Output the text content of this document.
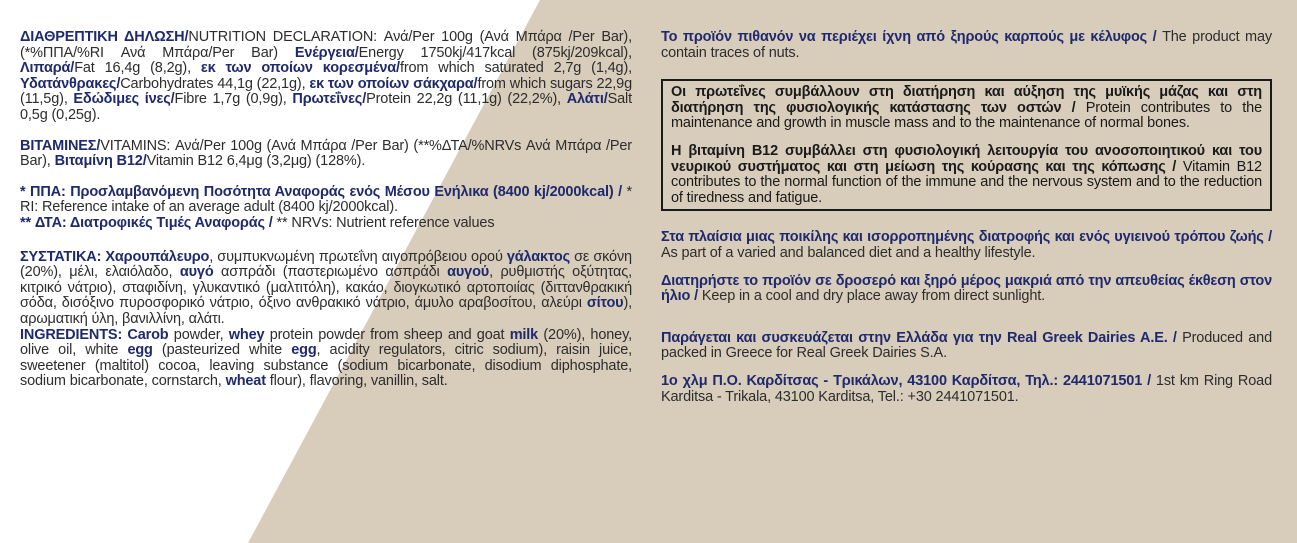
ΔΙΑΘΡΕΠΤΙΚΗ ΔΗΛΩΣΗ/NUTRITION DECLARATION: Ανά/Per 100g (Ανά Μπάρα /Per Bar), (*%ΠΠΑ/%RI Ανά Μπάρα/Per Bar) Ενέργεια/Energy 1750kj/417kcal (875kj/209kcal), Λιπαρά/Fat 16,4g (8,2g), εκ των οποίων κορεσμένα/from which saturated 2,7g (1,4g), Υδατάνθρακες/Carbohydrates 44,1g (22,1g), εκ των οποίων σάκχαρα/from which sugars 22,9g (11,5g), Εδώδιμες ίνες/Fibre 1,7g (0,9g), Πρωτεΐνες/Protein 22,2g (11,1g) (22,2%), Αλάτι/Salt 0,5g (0,25g).

ΒΙΤΑΜΙΝΕΣ/VITAMINS: Ανά/Per 100g (Ανά Μπάρα /Per Bar) (**%ΔΤΑ/%NRVs Ανά Μπάρα /Per Bar), Βιταμίνη B12/Vitamin B12 6,4μg (3,2μg) (128%).

* ΠΠΑ: Προσλαμβανόμενη Ποσότητα Αναφοράς ενός Μέσου Ενήλικα (8400 kj/2000kcal) / * RI: Reference intake of an average adult (8400 kj/2000kcal).
** ΔΤΑ: Διατροφικές Τιμές Αναφοράς / ** NRVs: Nutrient reference values

ΣΥΣΤΑΤΙΚΑ: Χαρουπάλευρο, συμπυκνωμένη πρωτεΐνη αιγοπρόβειου ορού γάλακτος σε σκόνη (20%), μέλι, ελαιόλαδο, αυγό ασπράδι (παστεριωμένο ασπράδι αυγού, ρυθμιστής οξύτητας, κιτρικό νάτριο), σταφιδίνη, γλυκαντικό (μαλτιτόλη), κακάο, διογκωτικό αρτοποιίας (διττανθρακική σόδα, δισόξινο πυροσφορικό νάτριο, όξινο ανθρακικό νάτριο, άμυλο αραβοσίτου, αλεύρι σίτου), αρωματική ύλη, βανιλλίνη, αλάτι.
INGREDIENTS: Carob powder, whey protein powder from sheep and goat milk (20%), honey, olive oil, white egg (pasteurized white egg, acidity regulators, citric sodium), raisin juice, sweetener (maltitol) cocoa, leaving substance (sodium bicarbonate, disodium diphosphate, sodium bicarbonate, cornstarch, wheat flour), flavoring, vanillin, salt.

Το προϊόν πιθανόν να περιέχει ίχνη από ξηρούς καρπούς με κέλυφος / The product may contain traces of nuts.

Οι πρωτεΐνες συμβάλλουν στη διατήρηση και αύξηση της μυϊκής μάζας και στη διατήρηση της φυσιολογικής κατάστασης των οστών / Protein contributes to the maintenance and growth in muscle mass and to the maintenance of normal bones.

Η βιταμίνη B12 συμβάλλει στη φυσιολογική λειτουργία του ανοσοποιητικού και του νευρικού συστήματος και στη μείωση της κούρασης και της κόπωσης / Vitamin B12 contributes to the normal function of the immune and the nervous system and to the reduction of tiredness and fatigue.

Στα πλαίσια μιας ποικίλης και ισορροπημένης διατροφής και ενός υγιεινού τρόπου ζωής / As part of a varied and balanced diet and a healthy lifestyle.

Διατηρήστε το προϊόν σε δροσερό και ξηρό μέρος μακριά από την απευθείας έκθεση στον ήλιο / Keep in a cool and dry place away from direct sunlight.

Παράγεται και συσκευάζεται στην Ελλάδα για την Real Greek Dairies A.E. / Produced and packed in Greece for Real Greek Dairies S.A.

1ο χλμ Π.Ο. Καρδίτσας - Τρικάλων, 43100 Καρδίτσα, Τηλ.: 2441071501 / 1st km Ring Road Karditsa - Trikala, 43100 Karditsa, Tel.: +30 2441071501.
